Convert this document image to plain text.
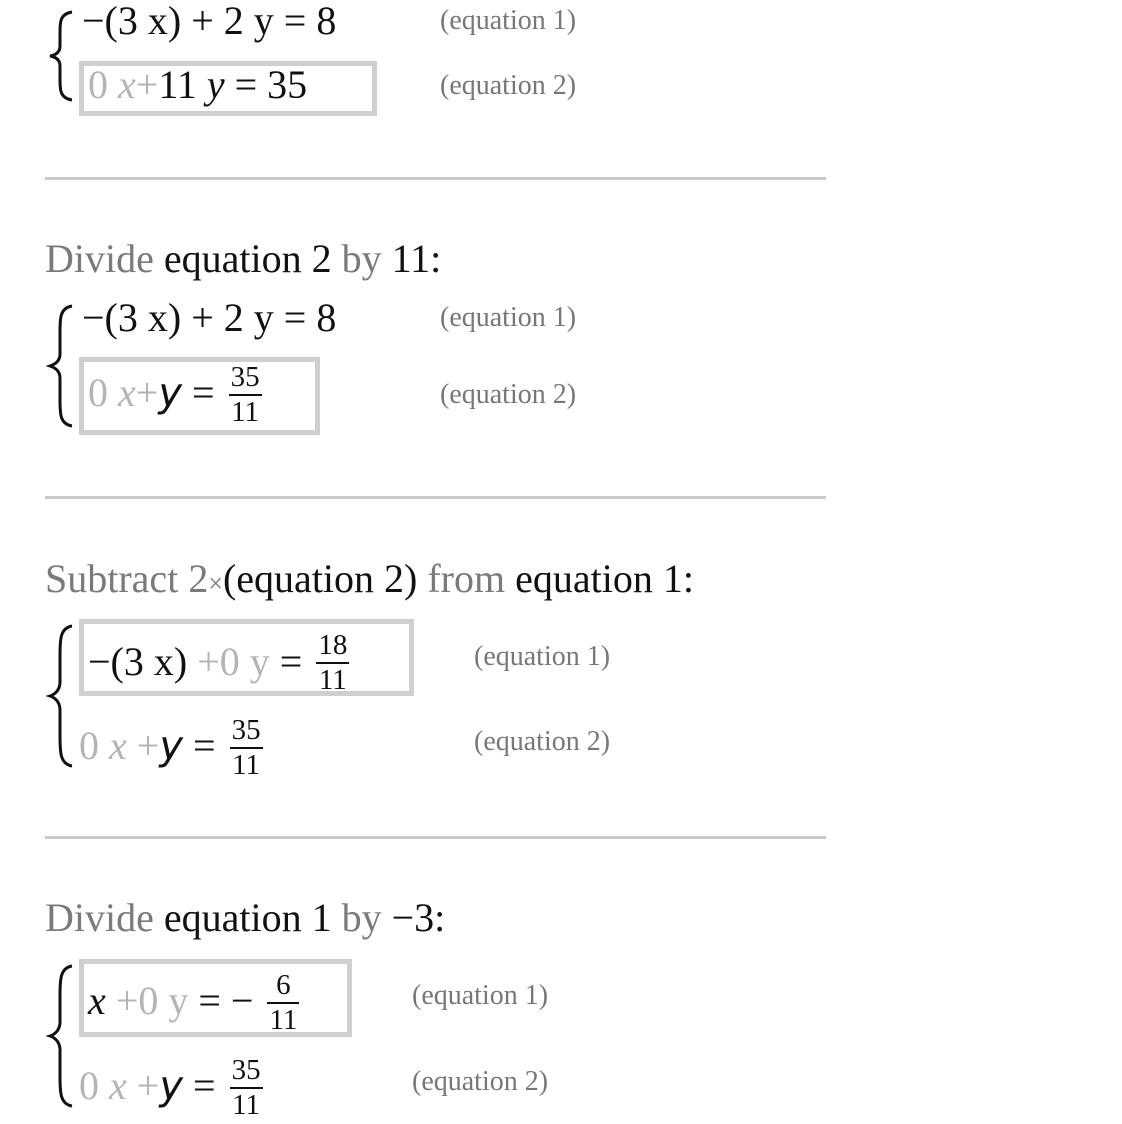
−(3 x) + 2 y = 8	(equation 1)
0 x+11 y = 35	(equation 2)
Divide equation 2 by 11:
−(3 x) + 2 y = 8	(equation 1)
0 $x+y = \frac{35}{11}$	(equation 2)
Subtract 2×(equation 2) from equation 1:
−(3 x) +0 $y = \frac{18}{11}$	(equation 1)
0 $x +y = \frac{35}{11}$	(equation 2)
Divide equation 1 by −3:
x +0 y = − $\frac{6}{11}$	(equation 1)
0 $x +y = \frac{35}{11}$	(equation 2)
